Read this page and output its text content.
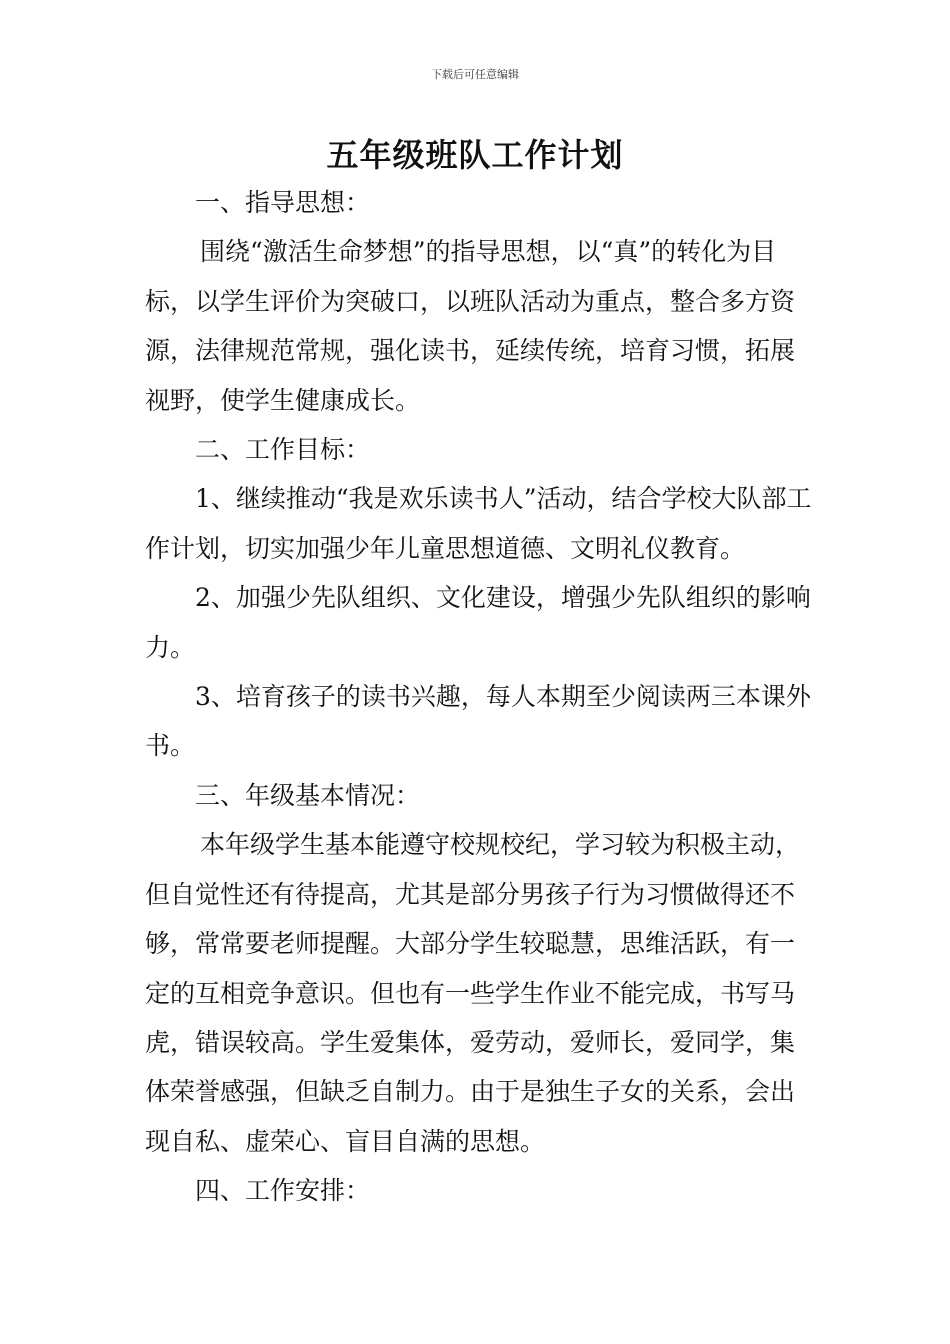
下载后可任意编辑
五年级班队工作计划

一、指导思想：

围绕“激活生命梦想”的指导思想，以“真”的转化为目标，以学生评价为突破口，以班队活动为重点，整合多方资源，法律规范常规，强化读书，延续传统，培育习惯，拓展视野，使学生健康成长。

二、工作目标：

1、继续推动“我是欢乐读书人”活动，结合学校大队部工作计划，切实加强少年儿童思想道德、文明礼仪教育。

2、加强少先队组织、文化建设，增强少先队组织的影响力。

3、培育孩子的读书兴趣，每人本期至少阅读两三本课外书。

三、年级基本情况：

本年级学生基本能遵守校规校纪，学习较为积极主动，但自觉性还有待提高，尤其是部分男孩子行为习惯做得还不够，常常要老师提醒。大部分学生较聪慧，思维活跃，有一定的互相竞争意识。但也有一些学生作业不能完成，书写马虎，错误较高。学生爱集体，爱劳动，爱师长，爱同学，集体荣誉感强，但缺乏自制力。由于是独生子女的关系，会出现自私、虚荣心、盲目自满的思想。

四、工作安排：
